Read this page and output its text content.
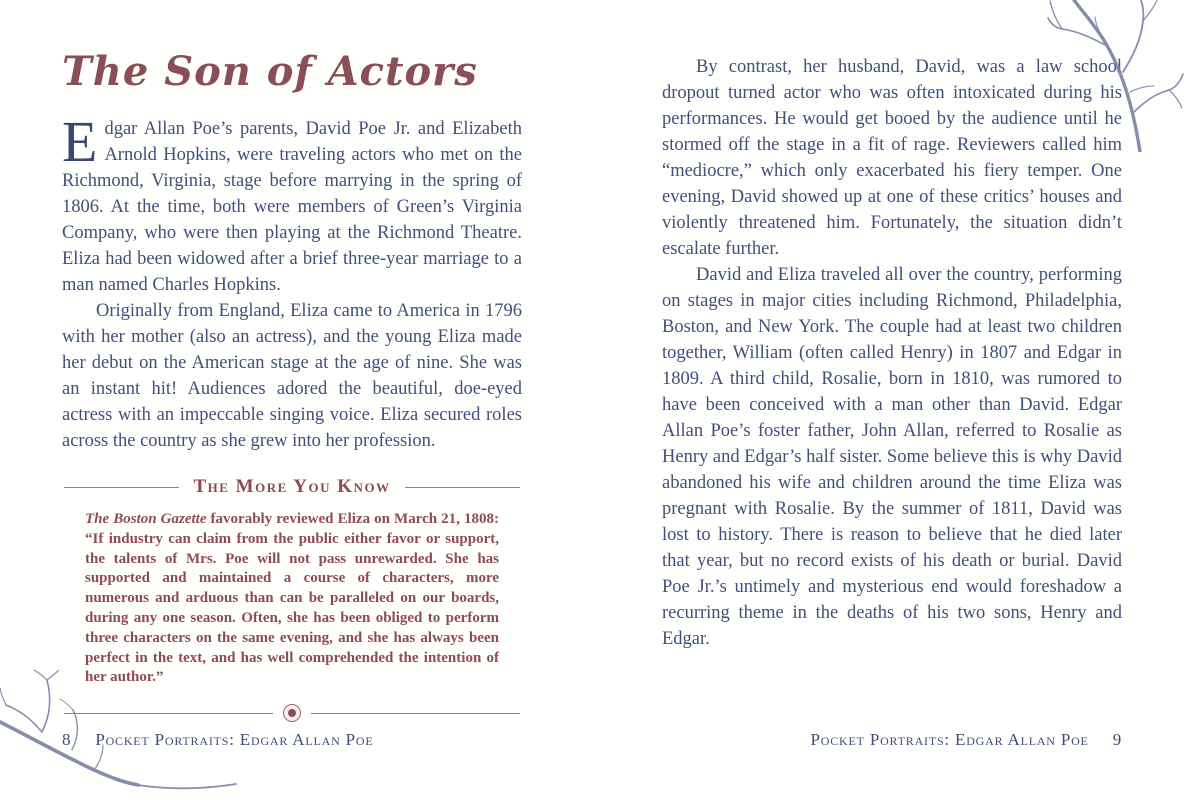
The Son of Actors

Edgar Allan Poe’s parents, David Poe Jr. and Elizabeth Arnold Hopkins, were traveling actors who met on the Richmond, Virginia, stage before marrying in the spring of 1806. At the time, both were members of Green’s Virginia Company, who were then playing at the Richmond Theatre. Eliza had been widowed after a brief three-year marriage to a man named Charles Hopkins.

Originally from England, Eliza came to America in 1796 with her mother (also an actress), and the young Eliza made her debut on the American stage at the age of nine. She was an instant hit! Audiences adored the beautiful, doe-eyed actress with an impeccable singing voice. Eliza secured roles across the country as she grew into her profession.

The More You Know

The Boston Gazette favorably reviewed Eliza on March 21, 1808: “If industry can claim from the public either favor or support, the talents of Mrs. Poe will not pass unrewarded. She has supported and maintained a course of characters, more numerous and arduous than can be paralleled on our boards, during any one season. Often, she has been obliged to perform three characters on the same evening, and she has always been perfect in the text, and has well comprehended the intention of her author.”

8 Pocket Portraits: Edgar Allan Poe

By contrast, her husband, David, was a law school dropout turned actor who was often intoxicated during his performances. He would get booed by the audience until he stormed off the stage in a fit of rage. Reviewers called him “mediocre,” which only exacerbated his fiery temper. One evening, David showed up at one of these critics’ houses and violently threatened him. Fortunately, the situation didn’t escalate further.

David and Eliza traveled all over the country, performing on stages in major cities including Richmond, Philadelphia, Boston, and New York. The couple had at least two children together, William (often called Henry) in 1807 and Edgar in 1809. A third child, Rosalie, born in 1810, was rumored to have been conceived with a man other than David. Edgar Allan Poe’s foster father, John Allan, referred to Rosalie as Henry and Edgar’s half sister. Some believe this is why David abandoned his wife and children around the time Eliza was pregnant with Rosalie. By the summer of 1811, David was lost to history. There is reason to believe that he died later that year, but no record exists of his death or burial. David Poe Jr.’s untimely and mysterious end would foreshadow a recurring theme in the deaths of his two sons, Henry and Edgar.

Pocket Portraits: Edgar Allan Poe 9
